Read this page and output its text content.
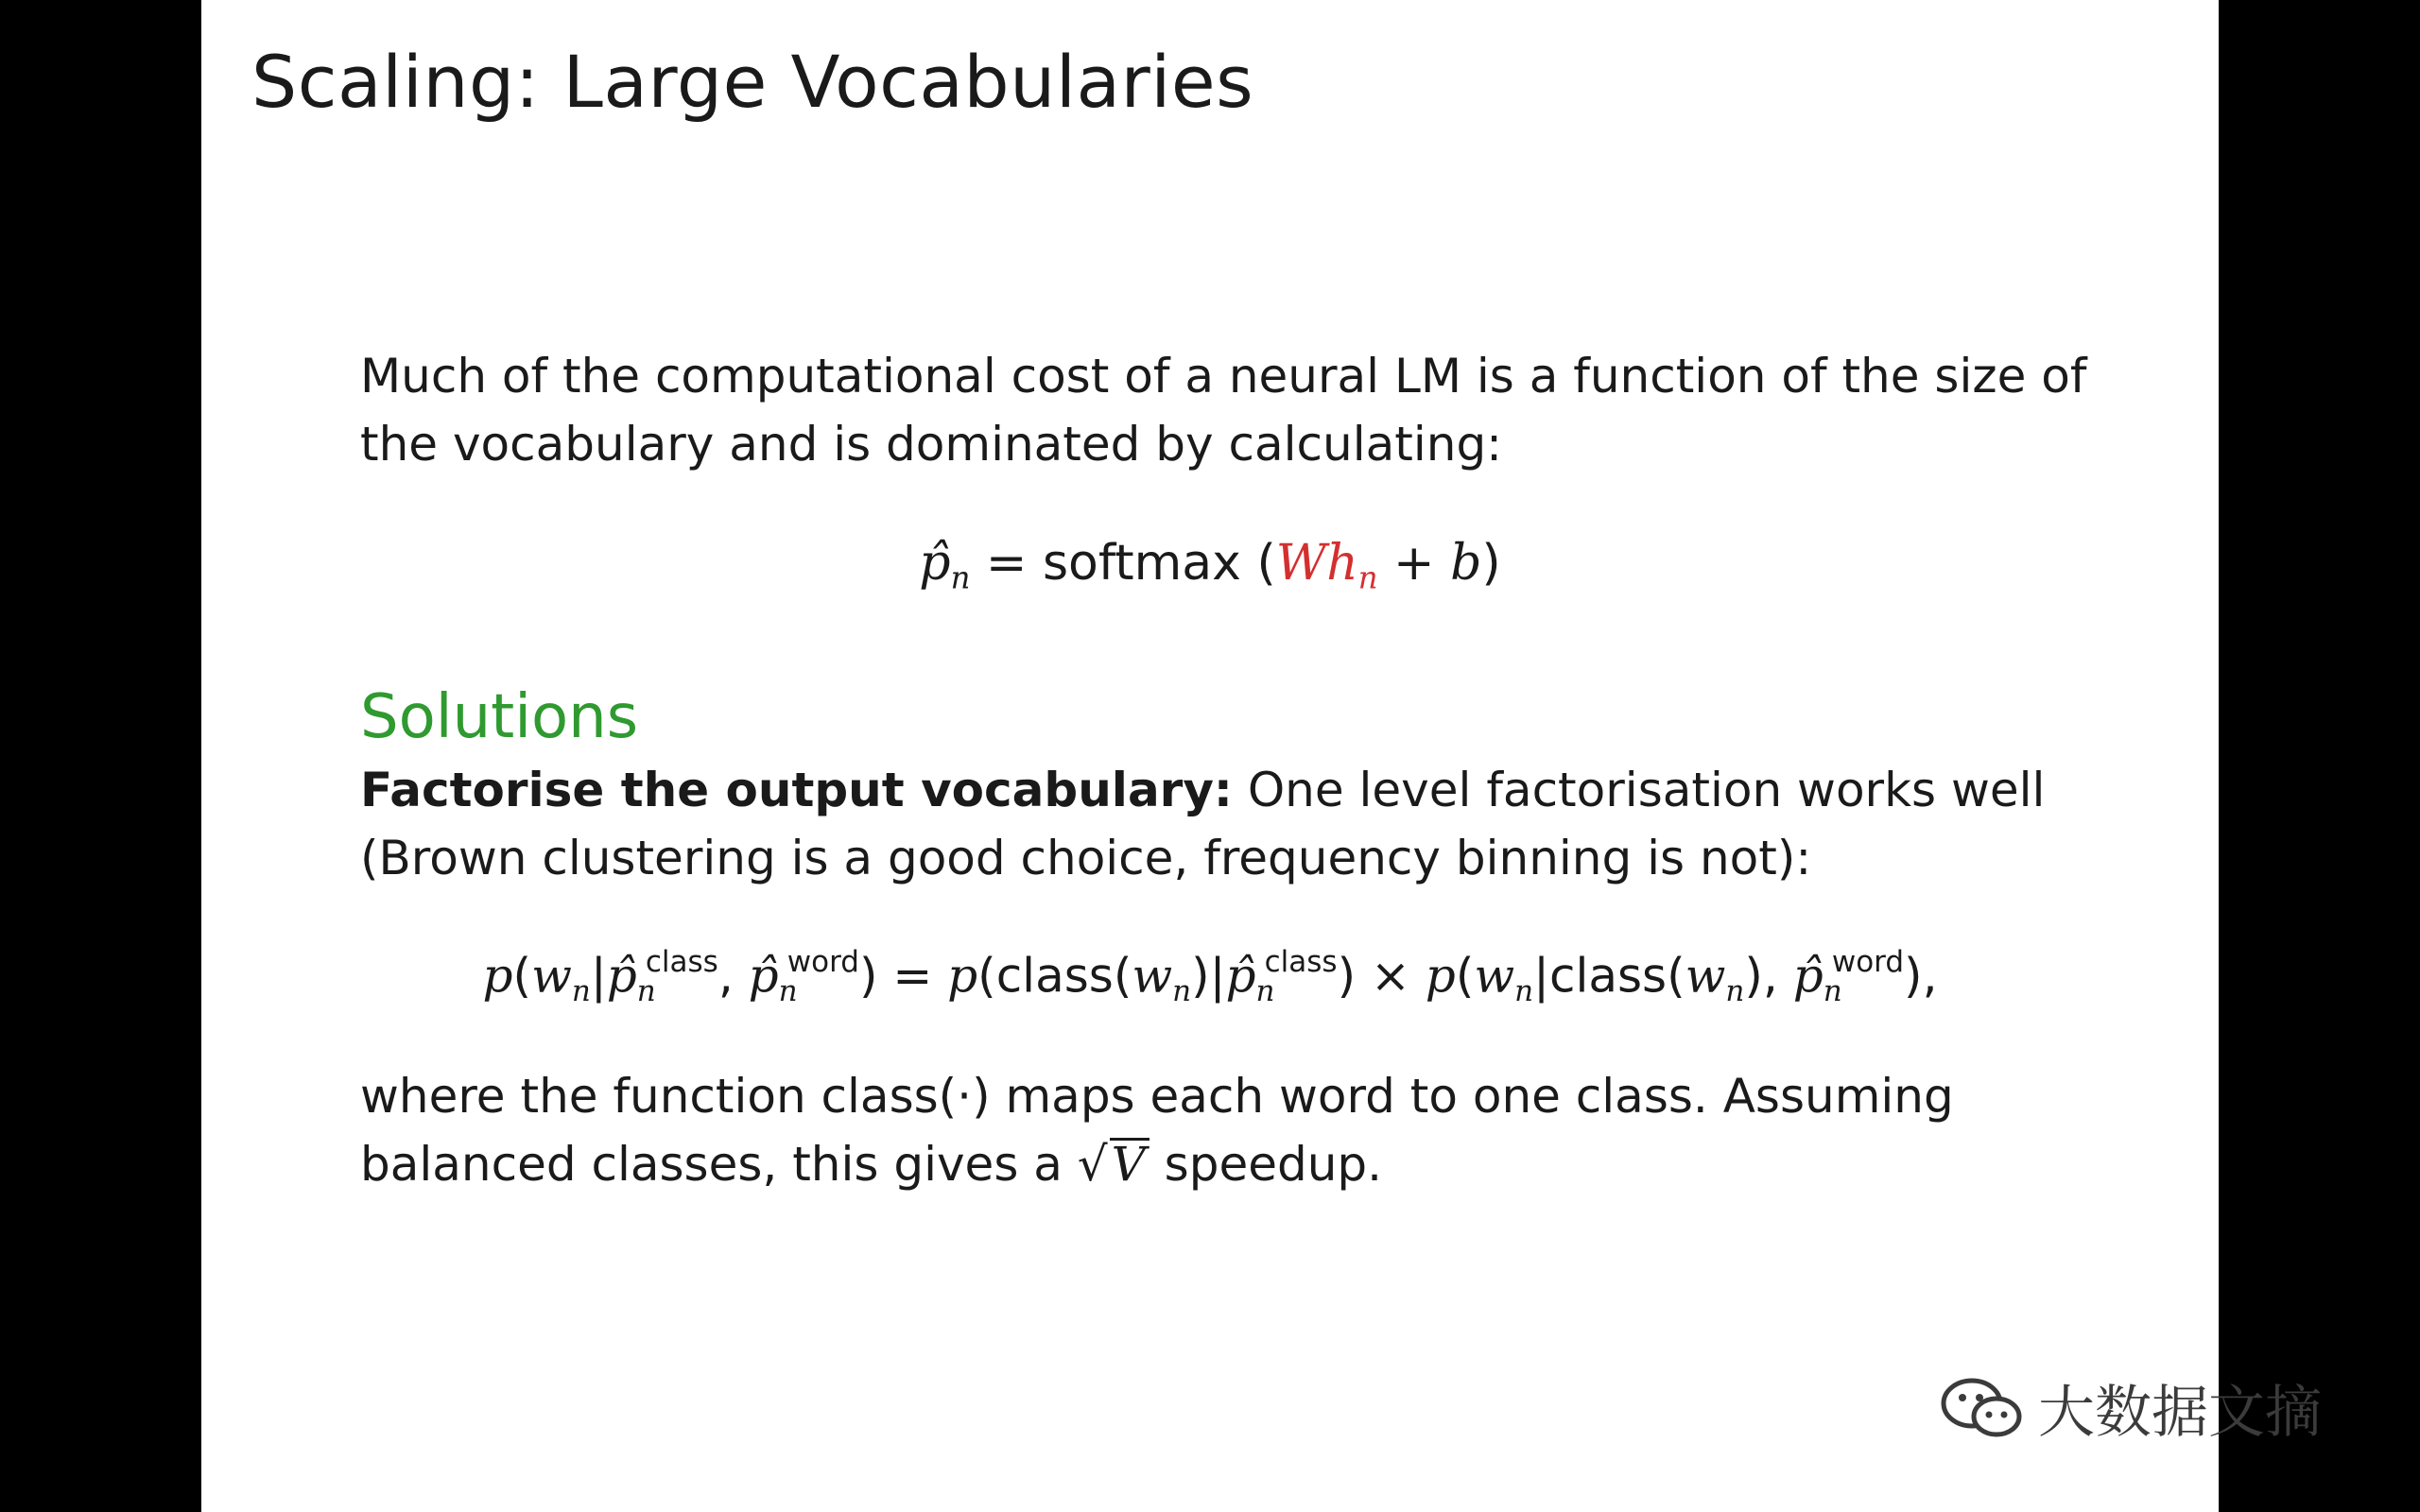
Scaling: Large Vocabularies
Much of the computational cost of a neural LM is a function of the size of the vocabulary and is dominated by calculating:
$p̂_n$ = softmax $(Wh_n + b)$
Solutions
Factorise the output vocabulary: One level factorisation works well (Brown clustering is a good choice, frequency binning is not):
$p(w_n|p̂_n^{class}$, $p̂_n^{word}$) = $p(class(w_n)|p̂_n^{class})$ × $p(w_n|class(w_n)$, $p̂_n^{word}$),
where the function class(·) maps each word to one class. Assuming balanced classes, this gives a √V speedup.
大数据文摘
